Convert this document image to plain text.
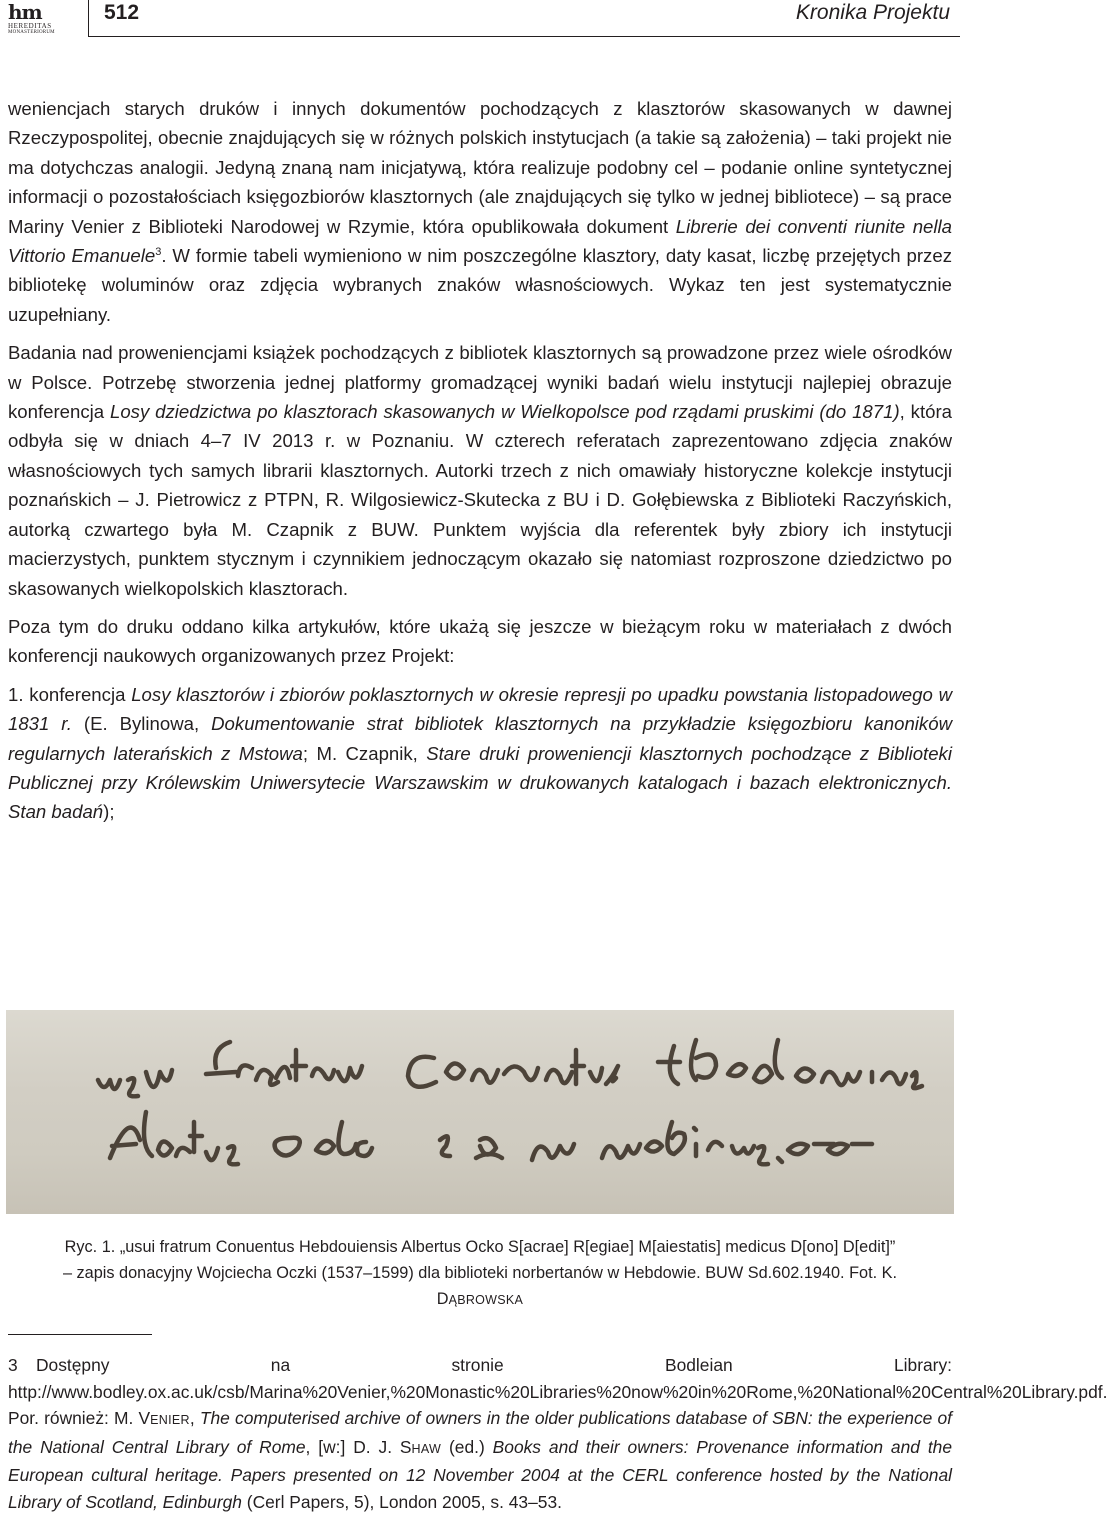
hm
HEREDITAS
MONASTERIORUM
512	Kronika Projektu

weniencjach starych druków i innych dokumentów pochodzących z klasztorów skasowanych w dawnej Rzeczypospolitej, obecnie znajdujących się w różnych polskich instytucjach (a takie są założenia) – taki projekt nie ma dotychczas analogii. Jedyną znaną nam inicjatywą, która realizuje podobny cel – podanie online syntetycznej informacji o pozostałościach księgozbiorów klasztornych (ale znajdujących się tylko w jednej bibliotece) – są prace Mariny Venier z Biblioteki Narodowej w Rzymie, która opublikowała dokument Librerie dei conventi riunite nella Vittorio Emanuele$^3$. W formie tabeli wymieniono w nim poszczególne klasztory, daty kasat, liczbę przejętych przez bibliotekę woluminów oraz zdjęcia wybranych znaków własnościowych. Wykaz ten jest systematycznie uzupełniany.

Badania nad proweniencjami książek pochodzących z bibliotek klasztornych są prowadzone przez wiele ośrodków w Polsce. Potrzebę stworzenia jednej platformy gromadzącej wyniki badań wielu instytucji najlepiej obrazuje konferencja Losy dziedzictwa po klasztorach skasowanych w Wielkopolsce pod rządami pruskimi (do 1871), która odbyła się w dniach 4–7 IV 2013 r. w Poznaniu. W czterech referatach zaprezentowano zdjęcia znaków własnościowych tych samych librarii klasztornych. Autorki trzech z nich omawiały historyczne kolekcje instytucji poznańskich – J. Pietrowicz z PTPN, R. Wilgosiewicz-Skutecka z BU i D. Gołębiewska z Biblioteki Raczyńskich, autorką czwartego była M. Czapnik z BUW. Punktem wyjścia dla referentek były zbiory ich instytucji macierzystych, punktem stycznym i czynnikiem jednoczącym okazało się natomiast rozproszone dziedzictwo po skasowanych wielkopolskich klasztorach.

Poza tym do druku oddano kilka artykułów, które ukażą się jeszcze w bieżącym roku w materiałach z dwóch konferencji naukowych organizowanych przez Projekt:

1. konferencja Losy klasztorów i zbiorów poklasztornych w okresie represji po upadku powstania listopadowego w 1831 r. (E. Bylinowa, Dokumentowanie strat bibliotek klasztornych na przykładzie księgozbioru kanoników regularnych laterańskich z Mstowa; M. Czapnik, Stare druki proweniencji klasztornych pochodzące z Biblioteki Publicznej przy Królewskim Uniwersytecie Warszawskim w drukowanych katalogach i bazach elektronicznych. Stan badań);

Ryc. 1. „usui fratrum Conuentus Hebdouiensis Albertus Ocko S[acrae] R[egiae] M[aiestatis] medicus D[ono] D[edit]” – zapis donacyjny Wojciecha Oczki (1537–1599) dla biblioteki norbertanów w Hebdowie. BUW Sd.602.1940. Fot. K. DĄBROWSKA
3 Dostępny na stronie Bodleian Library: http://www.bodley.ox.ac.uk/csb/Marina%20Venier,%20Monastic%20Libraries%20now%20in%20Rome,%20National%20Central%20Library.pdf. Por. również: M. VENIER, The computerised archive of owners in the older publications database of SBN: the experience of the National Central Library of Rome, [w:] D. J. SHAW (ed.) Books and their owners: Provenance information and the European cultural heritage. Papers presented on 12 November 2004 at the CERL conference hosted by the National Library of Scotland, Edinburgh (Cerl Papers, 5), London 2005, s. 43–53.
